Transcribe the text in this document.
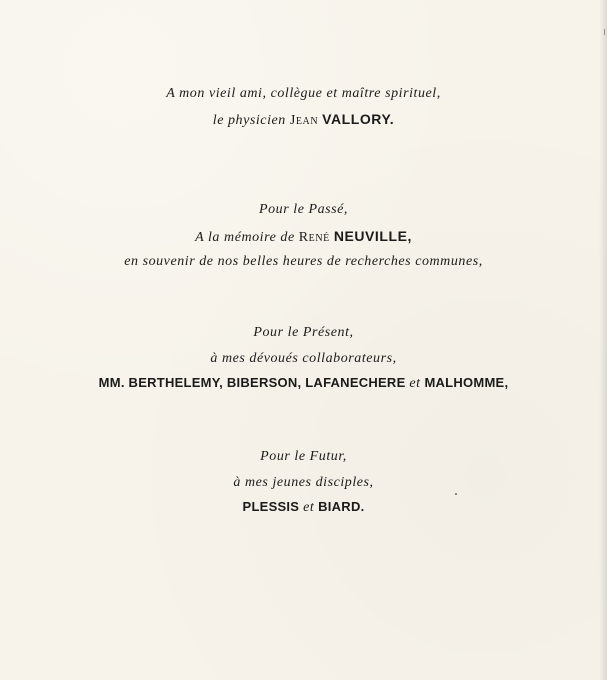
A mon vieil ami, collègue et maître spirituel,
le physicien Jean VALLORY.
Pour le Passé,
A la mémoire de René NEUVILLE,
en souvenir de nos belles heures de recherches communes,
Pour le Présent,
à mes dévoués collaborateurs,
MM. BERTHELEMY, BIBERSON, LAFANECHERE et MALHOMME,
Pour le Futur,
à mes jeunes disciples,
PLESSIS et BIARD.
